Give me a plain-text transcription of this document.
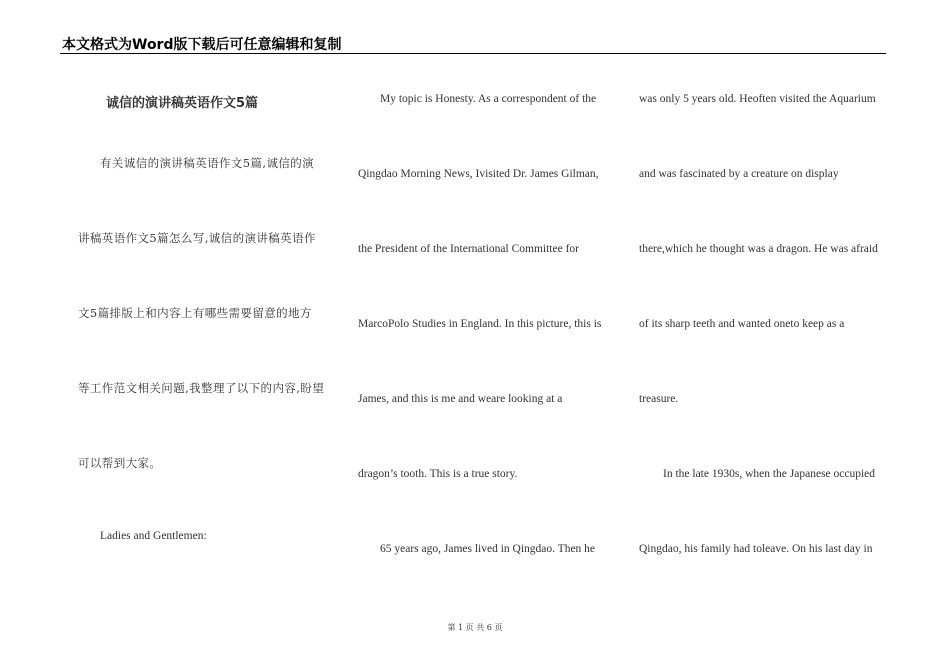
本文格式为Word版下载后可任意编辑和复制
诚信的演讲稿英语作文5篇
有关诚信的演讲稿英语作文5篇,诚信的演
讲稿英语作文5篇怎么写,诚信的演讲稿英语作
文5篇排版上和内容上有哪些需要留意的地方
等工作范文相关问题,我整理了以下的内容,盼望
可以帮到大家。
Ladies and Gentlemen:
My topic is Honesty. As a correspondent of the
Qingdao Morning News, Ivisited Dr. James Gilman,
the President of the International Committee for
MarcoPolo Studies in England. In this picture, this is
James, and this is me and weare looking at a
dragon’s tooth. This is a true story.
65 years ago, James lived in Qingdao. Then he
was only 5 years old. Heoften visited the Aquarium
and was fascinated by a creature on display
there,which he thought was a dragon. He was afraid
of its sharp teeth and wanted oneto keep as a
treasure.
In the late 1930s, when the Japanese occupied
Qingdao, his family had toleave. On his last day in
第 1 页 共 6 页
